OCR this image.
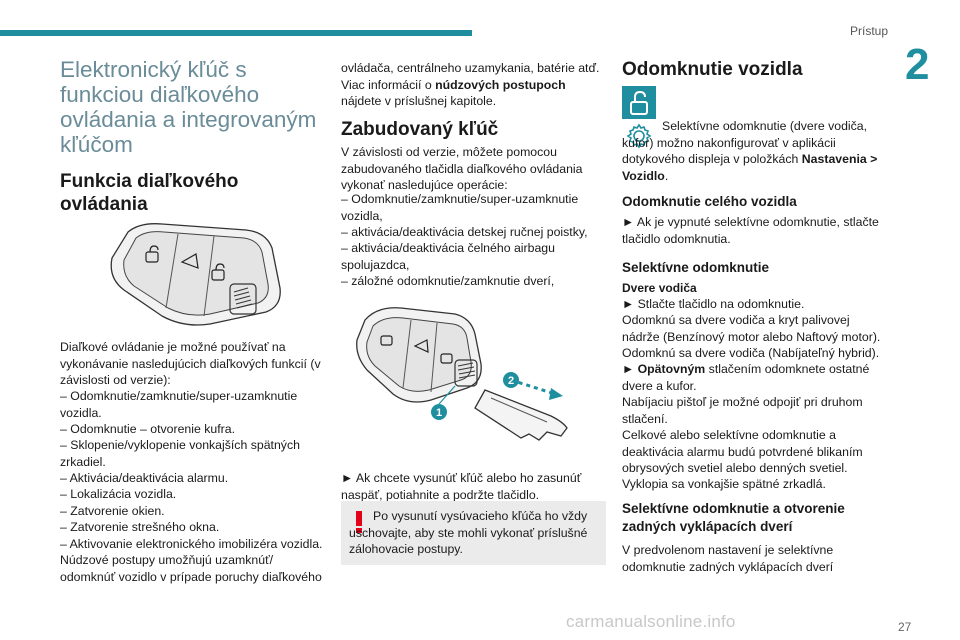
Prístup
2
Elektronický kľúč s funkciou diaľkového ovládania a integrovaným kľúčom
Funkcia diaľkového ovládania

Diaľkové ovládanie je možné používať na vykonávanie nasledujúcich diaľkových funkcií (v závislosti od verzie):

– Odomknutie/zamknutie/super-uzamknutie vozidla.

– Odomknutie – otvorenie kufra.

– Sklopenie/vyklopenie vonkajších spätných zrkadiel.

– Aktivácia/deaktivácia alarmu.

– Lokalizácia vozidla.

– Zatvorenie okien.

– Zatvorenie strešného okna.

– Aktivovanie elektronického imobilizéra vozidla.

Núdzové postupy umožňujú uzamknúť/ odomknúť vozidlo v prípade poruchy diaľkového

ovládača, centrálneho uzamykania, batérie atď. Viac informácií o núdzových postupoch nájdete v príslušnej kapitole.

Zabudovaný kľúč

V závislosti od verzie, môžete pomocou zabudovaného tlačidla diaľkového ovládania vykonať nasledujúce operácie:

– Odomknutie/zamknutie/super-uzamknutie vozidla,

– aktivácia/deaktivácia detskej ručnej poistky,

– aktivácia/deaktivácia čelného airbagu spolujazdca,

– záložné odomknutie/zamknutie dverí,

2
1

► Ak chcete vysunúť kľúč alebo ho zasunúť naspäť, potiahnite a podržte tlačidlo.

Po vysunutí vysúvacieho kľúča ho vždy uschovajte, aby ste mohli vykonať príslušné zálohovacie postupy.

Odomknutie vozidla

Selektívne odomknutie (dvere vodiča, kufor) možno nakonfigurovať v aplikácii dotykového displeja v položkách Nastavenia > Vozidlo.

Odomknutie celého vozidla

► Ak je vypnuté selektívne odomknutie, stlačte tlačidlo odomknutia.

Selektívne odomknutie

Dvere vodiča

► Stlačte tlačidlo na odomknutie.

Odomknú sa dvere vodiča a kryt palivovej nádrže (Benzínový motor alebo Naftový motor).

Odomknú sa dvere vodiča (Nabíjateľný hybrid).

► Opätovným stlačením odomknete ostatné dvere a kufor.

Nabíjaciu pištoľ je možné odpojiť pri druhom stlačení.

Celkové alebo selektívne odomknutie a deaktivácia alarmu budú potvrdené blikaním obrysových svetiel alebo denných svetiel.

Vyklopia sa vonkajšie spätné zrkadlá.

Selektívne odomknutie a otvorenie zadných vyklápacích dverí

V predvolenom nastavení je selektívne odomknutie zadných vyklápacích dverí

carmanualsonline.info	27
